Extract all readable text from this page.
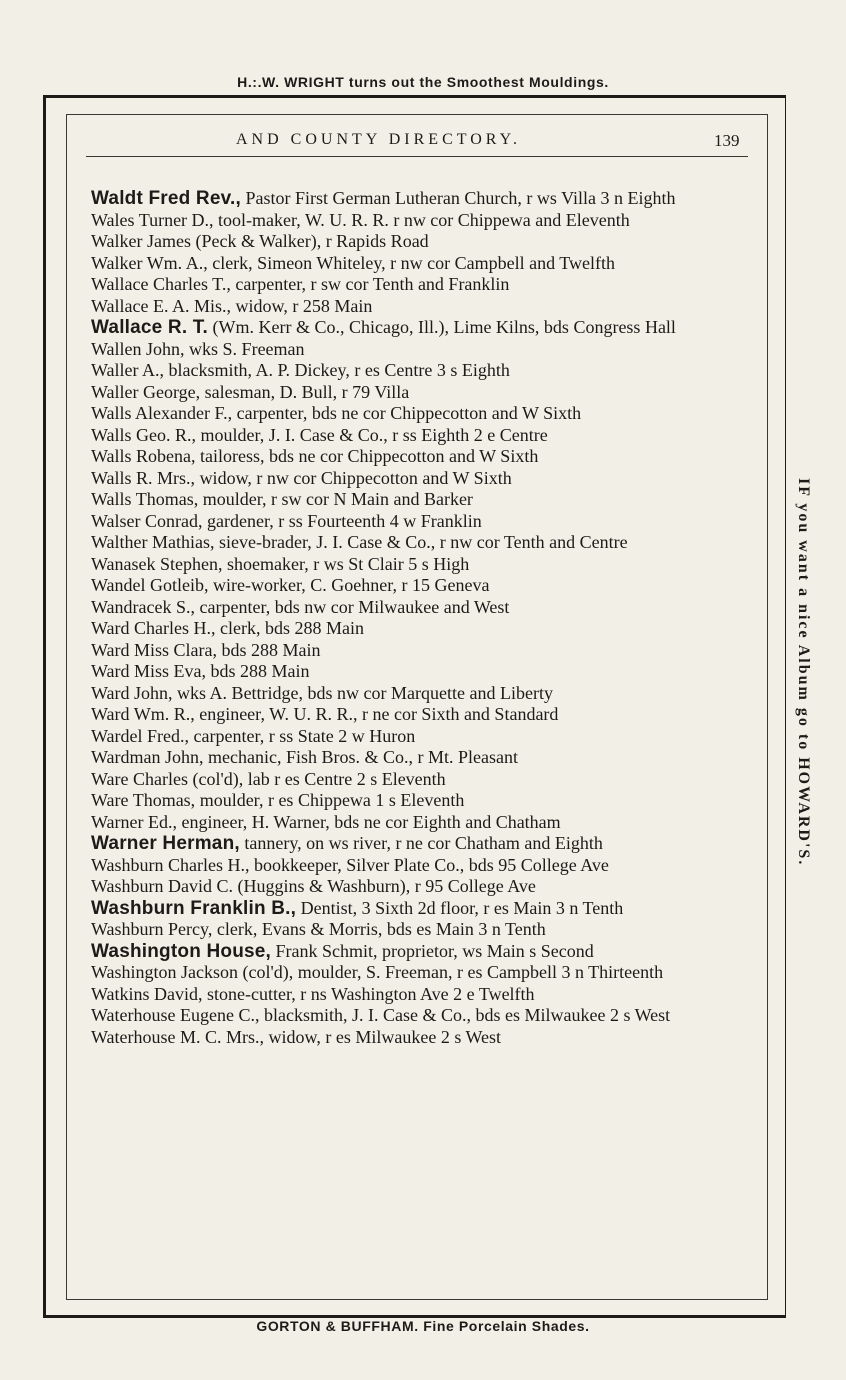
H.:.W. WRIGHT turns out the Smoothest Mouldings.
AND COUNTY DIRECTORY.	139

Waldt Fred Rev., Pastor First German Lutheran Church, r ws Villa 3 n Eighth

Wales Turner D., tool-maker, W. U. R. R. r nw cor Chippewa and Eleventh

Walker James (Peck & Walker), r Rapids Road

Walker Wm. A., clerk, Simeon Whiteley, r nw cor Campbell and Twelfth

Wallace Charles T., carpenter, r sw cor Tenth and Franklin

Wallace E. A. Mis., widow, r 258 Main

Wallace R. T. (Wm. Kerr & Co., Chicago, Ill.), Lime Kilns, bds Congress Hall

Wallen John, wks S. Freeman

Waller A., blacksmith, A. P. Dickey, r es Centre 3 s Eighth

Waller George, salesman, D. Bull, r 79 Villa

Walls Alexander F., carpenter, bds ne cor Chippecotton and W Sixth

Walls Geo. R., moulder, J. I. Case & Co., r ss Eighth 2 e Centre

Walls Robena, tailoress, bds ne cor Chippecotton and W Sixth

Walls R. Mrs., widow, r nw cor Chippecotton and W Sixth

Walls Thomas, moulder, r sw cor N Main and Barker

Walser Conrad, gardener, r ss Fourteenth 4 w Franklin

Walther Mathias, sieve-brader, J. I. Case & Co., r nw cor Tenth and Centre

Wanasek Stephen, shoemaker, r ws St Clair 5 s High

Wandel Gotleib, wire-worker, C. Goehner, r 15 Geneva

Wandracek S., carpenter, bds nw cor Milwaukee and West

Ward Charles H., clerk, bds 288 Main

Ward Miss Clara, bds 288 Main

Ward Miss Eva, bds 288 Main

Ward John, wks A. Bettridge, bds nw cor Marquette and Liberty

Ward Wm. R., engineer, W. U. R. R., r ne cor Sixth and Standard

Wardel Fred., carpenter, r ss State 2 w Huron

Wardman John, mechanic, Fish Bros. & Co., r Mt. Pleasant

Ware Charles (col'd), lab r es Centre 2 s Eleventh

Ware Thomas, moulder, r es Chippewa 1 s Eleventh

Warner Ed., engineer, H. Warner, bds ne cor Eighth and Chatham

Warner Herman, tannery, on ws river, r ne cor Chatham and Eighth

Washburn Charles H., bookkeeper, Silver Plate Co., bds 95 College Ave

Washburn David C. (Huggins & Washburn), r 95 College Ave

Washburn Franklin B., Dentist, 3 Sixth 2d floor, r es Main 3 n Tenth

Washburn Percy, clerk, Evans & Morris, bds es Main 3 n Tenth

Washington House, Frank Schmit, proprietor, ws Main s Second

Washington Jackson (col'd), moulder, S. Freeman, r es Campbell 3 n Thirteenth

Watkins David, stone-cutter, r ns Washington Ave 2 e Twelfth

Waterhouse Eugene C., blacksmith, J. I. Case & Co., bds es Milwaukee 2 s West

Waterhouse M. C. Mrs., widow, r es Milwaukee 2 s West

IF you want a nice Album go to HOWARD'S.
GORTON & BUFFHAM. Fine Porcelain Shades.
